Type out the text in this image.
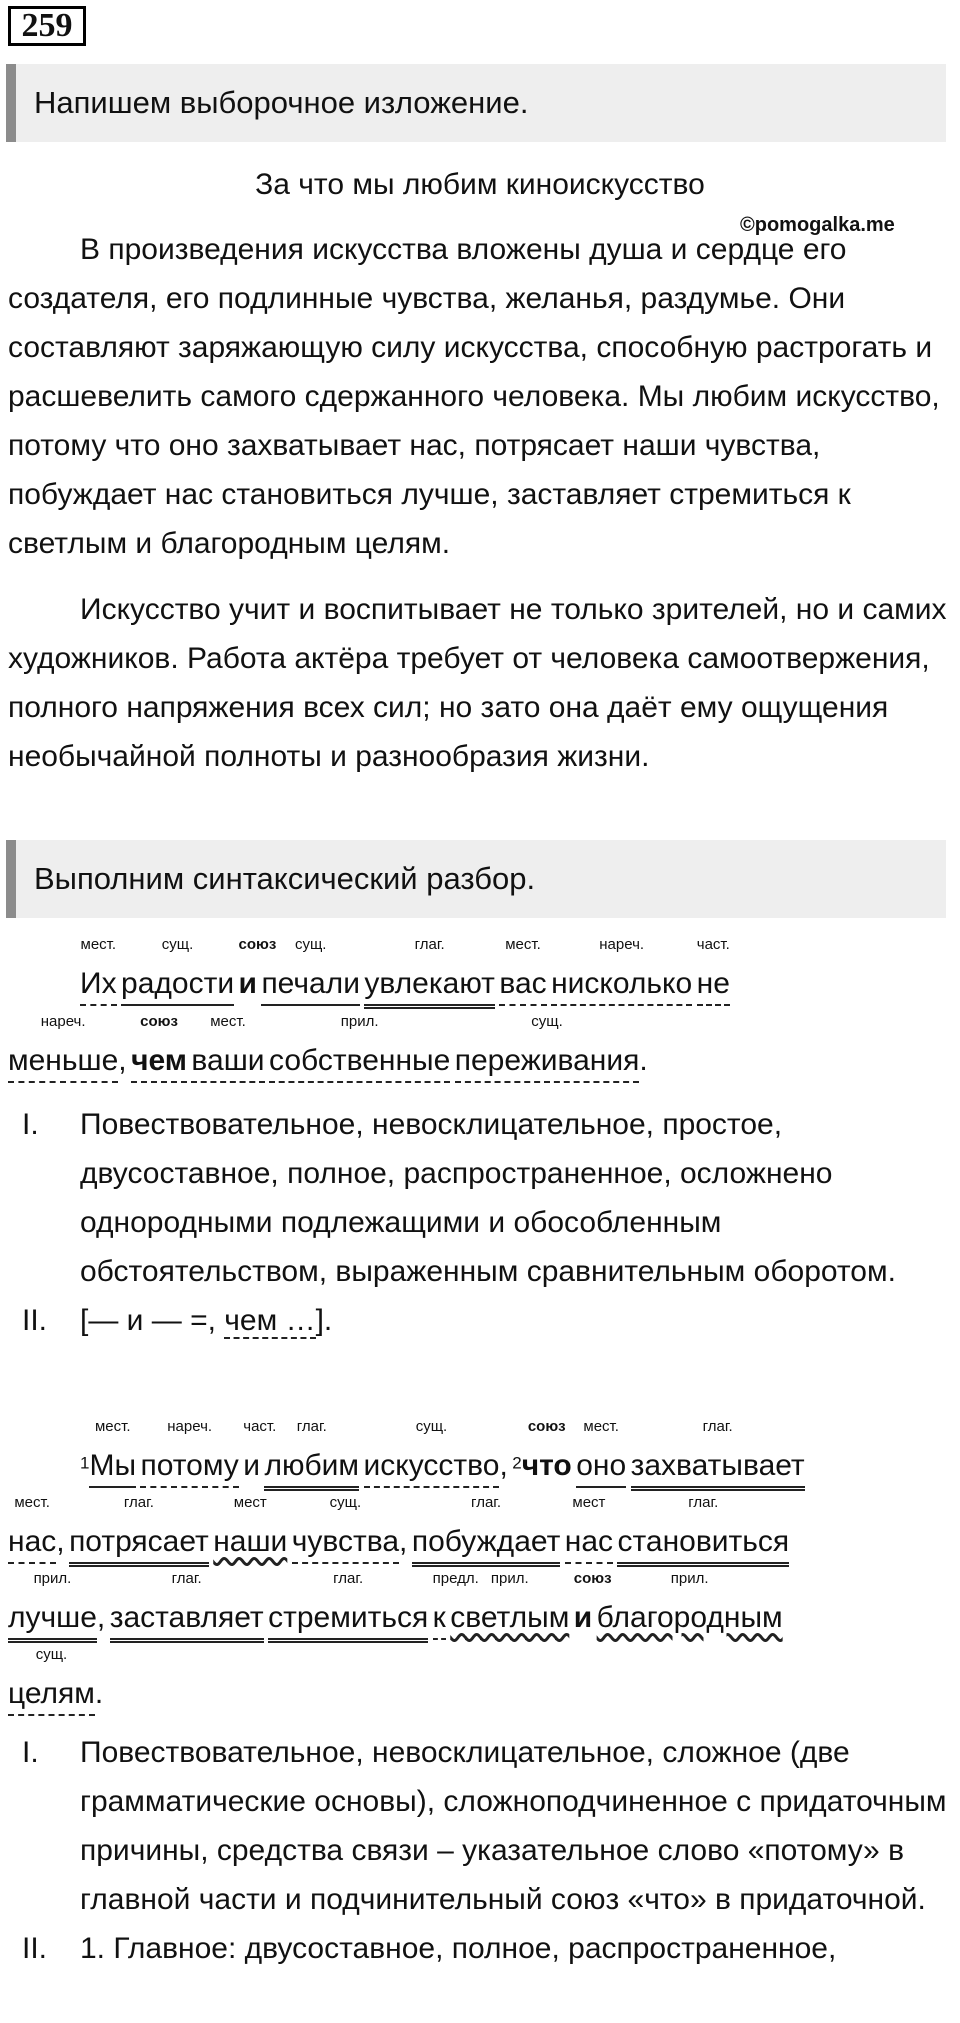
259
Напишем выборочное изложение.
За что мы любим киноискусство
©pomogalka.me

В произведения искусства вложены душа и сердце его создателя, его подлинные чувства, желанья, раздумье. Они составляют заряжающую силу искусства, способную растрогать и расшевелить самого сдержанного человека. Мы любим искусство, потому что оно захватывает нас, потрясает наши чувства, побуждает нас становиться лучше, заставляет стремиться к светлым и благородным целям.

Искусство учит и воспитывает не только зрителей, но и самих художников. Работа актёра требует от человека самоотвержения, полного напряжения всех сил; но зато она даёт ему ощущения необычайной полноты и разнообразия жизни.

Выполним синтаксический разбор.
мест.
Их
сущ.
радости
союз
и
сущ.
печали
глаг.
увлекают
мест.
вас
нареч.
нисколько
част.
не
нареч.
меньше,
союз
чем
мест.
ваши
прил.
собственные
сущ.
переживания.
I. Повествовательное, невосклицательное, простое, двусоставное, полное, распространенное, осложнено однородными подлежащими и обособленным обстоятельством, выраженным сравнительным оборотом.
II. [— и — =, чем …].
$^1$
мест.
Мы
нареч.
потому
част.
и
глаг.
любим
сущ.
искусство, $^2$
союз
что
мест.
оно
глаг.
захватывает
мест.
нас,
глаг.
потрясает
мест
наши
сущ.
чувства,
глаг.
побуждает
мест
нас
глаг.
становиться
прил.
лучше,
глаг.
заставляет
глаг.
стремиться
предл.
к
прил.
светлым
союз
и
прил.
благородным
сущ.
целям.
I. Повествовательное, невосклицательное, сложное (две грамматические основы), сложноподчиненное с придаточным причины, средства связи – указательное слово «потому» в главной части и подчинительный союз «что» в придаточной.
II. 1. Главное: двусоставное, полное, распространенное,
